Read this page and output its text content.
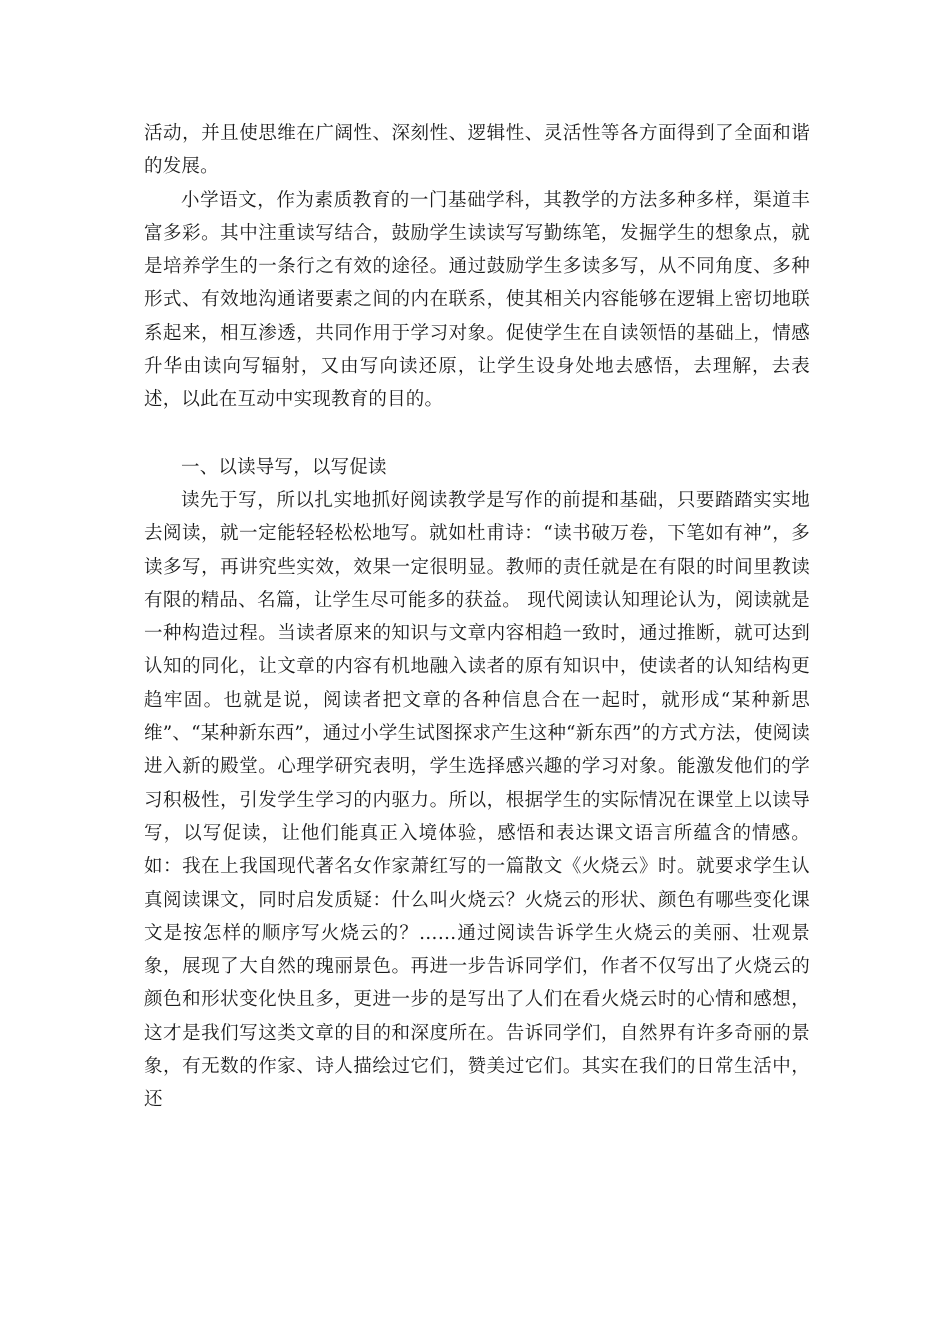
活动，并且使思维在广阔性、深刻性、逻辑性、灵活性等各方面得到了全面和谐的发展。

小学语文，作为素质教育的一门基础学科，其教学的方法多种多样，渠道丰富多彩。其中注重读写结合，鼓励学生读读写写勤练笔，发掘学生的想象点，就是培养学生的一条行之有效的途径。通过鼓励学生多读多写，从不同角度、多种形式、有效地沟通诸要素之间的内在联系，使其相关内容能够在逻辑上密切地联系起来，相互渗透，共同作用于学习对象。促使学生在自读领悟的基础上，情感升华由读向写辐射，又由写向读还原，让学生设身处地去感悟，去理解，去表述，以此在互动中实现教育的目的。

一、以读导写，以写促读

读先于写，所以扎实地抓好阅读教学是写作的前提和基础，只要踏踏实实地去阅读，就一定能轻轻松松地写。就如杜甫诗：“读书破万卷，下笔如有神”，多读多写，再讲究些实效，效果一定很明显。教师的责任就是在有限的时间里教读有限的精品、名篇，让学生尽可能多的获益。 现代阅读认知理论认为，阅读就是一种构造过程。当读者原来的知识与文章内容相趋一致时，通过推断，就可达到认知的同化，让文章的内容有机地融入读者的原有知识中，使读者的认知结构更趋牢固。也就是说，阅读者把文章的各种信息合在一起时，就形成“某种新思维”、“某种新东西”，通过小学生试图探求产生这种“新东西”的方式方法，使阅读进入新的殿堂。心理学研究表明，学生选择感兴趣的学习对象。能激发他们的学习积极性，引发学生学习的内驱力。所以，根据学生的实际情况在课堂上以读导写，以写促读，让他们能真正入境体验，感悟和表达课文语言所蕴含的情感。如：我在上我国现代著名女作家萧红写的一篇散文《火烧云》时。就要求学生认真阅读课文，同时启发质疑：什么叫火烧云？火烧云的形状、颜色有哪些变化课文是按怎样的顺序写火烧云的？……通过阅读告诉学生火烧云的美丽、壮观景象，展现了大自然的瑰丽景色。再进一步告诉同学们，作者不仅写出了火烧云的颜色和形状变化快且多，更进一步的是写出了人们在看火烧云时的心情和感想，这才是我们写这类文章的目的和深度所在。告诉同学们，自然界有许多奇丽的景象，有无数的作家、诗人描绘过它们，赞美过它们。其实在我们的日常生活中，还
